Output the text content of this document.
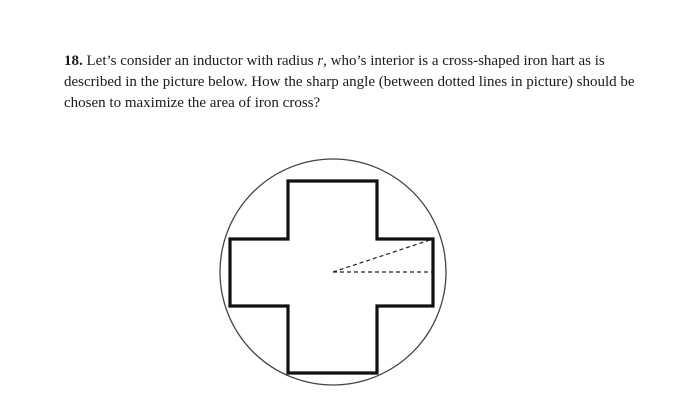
18. Let’s consider an inductor with radius r, who’s interior is a cross-shaped iron hart as is described in the picture below. How the sharp angle (between dotted lines in picture) should be chosen to maximize the area of iron cross?
